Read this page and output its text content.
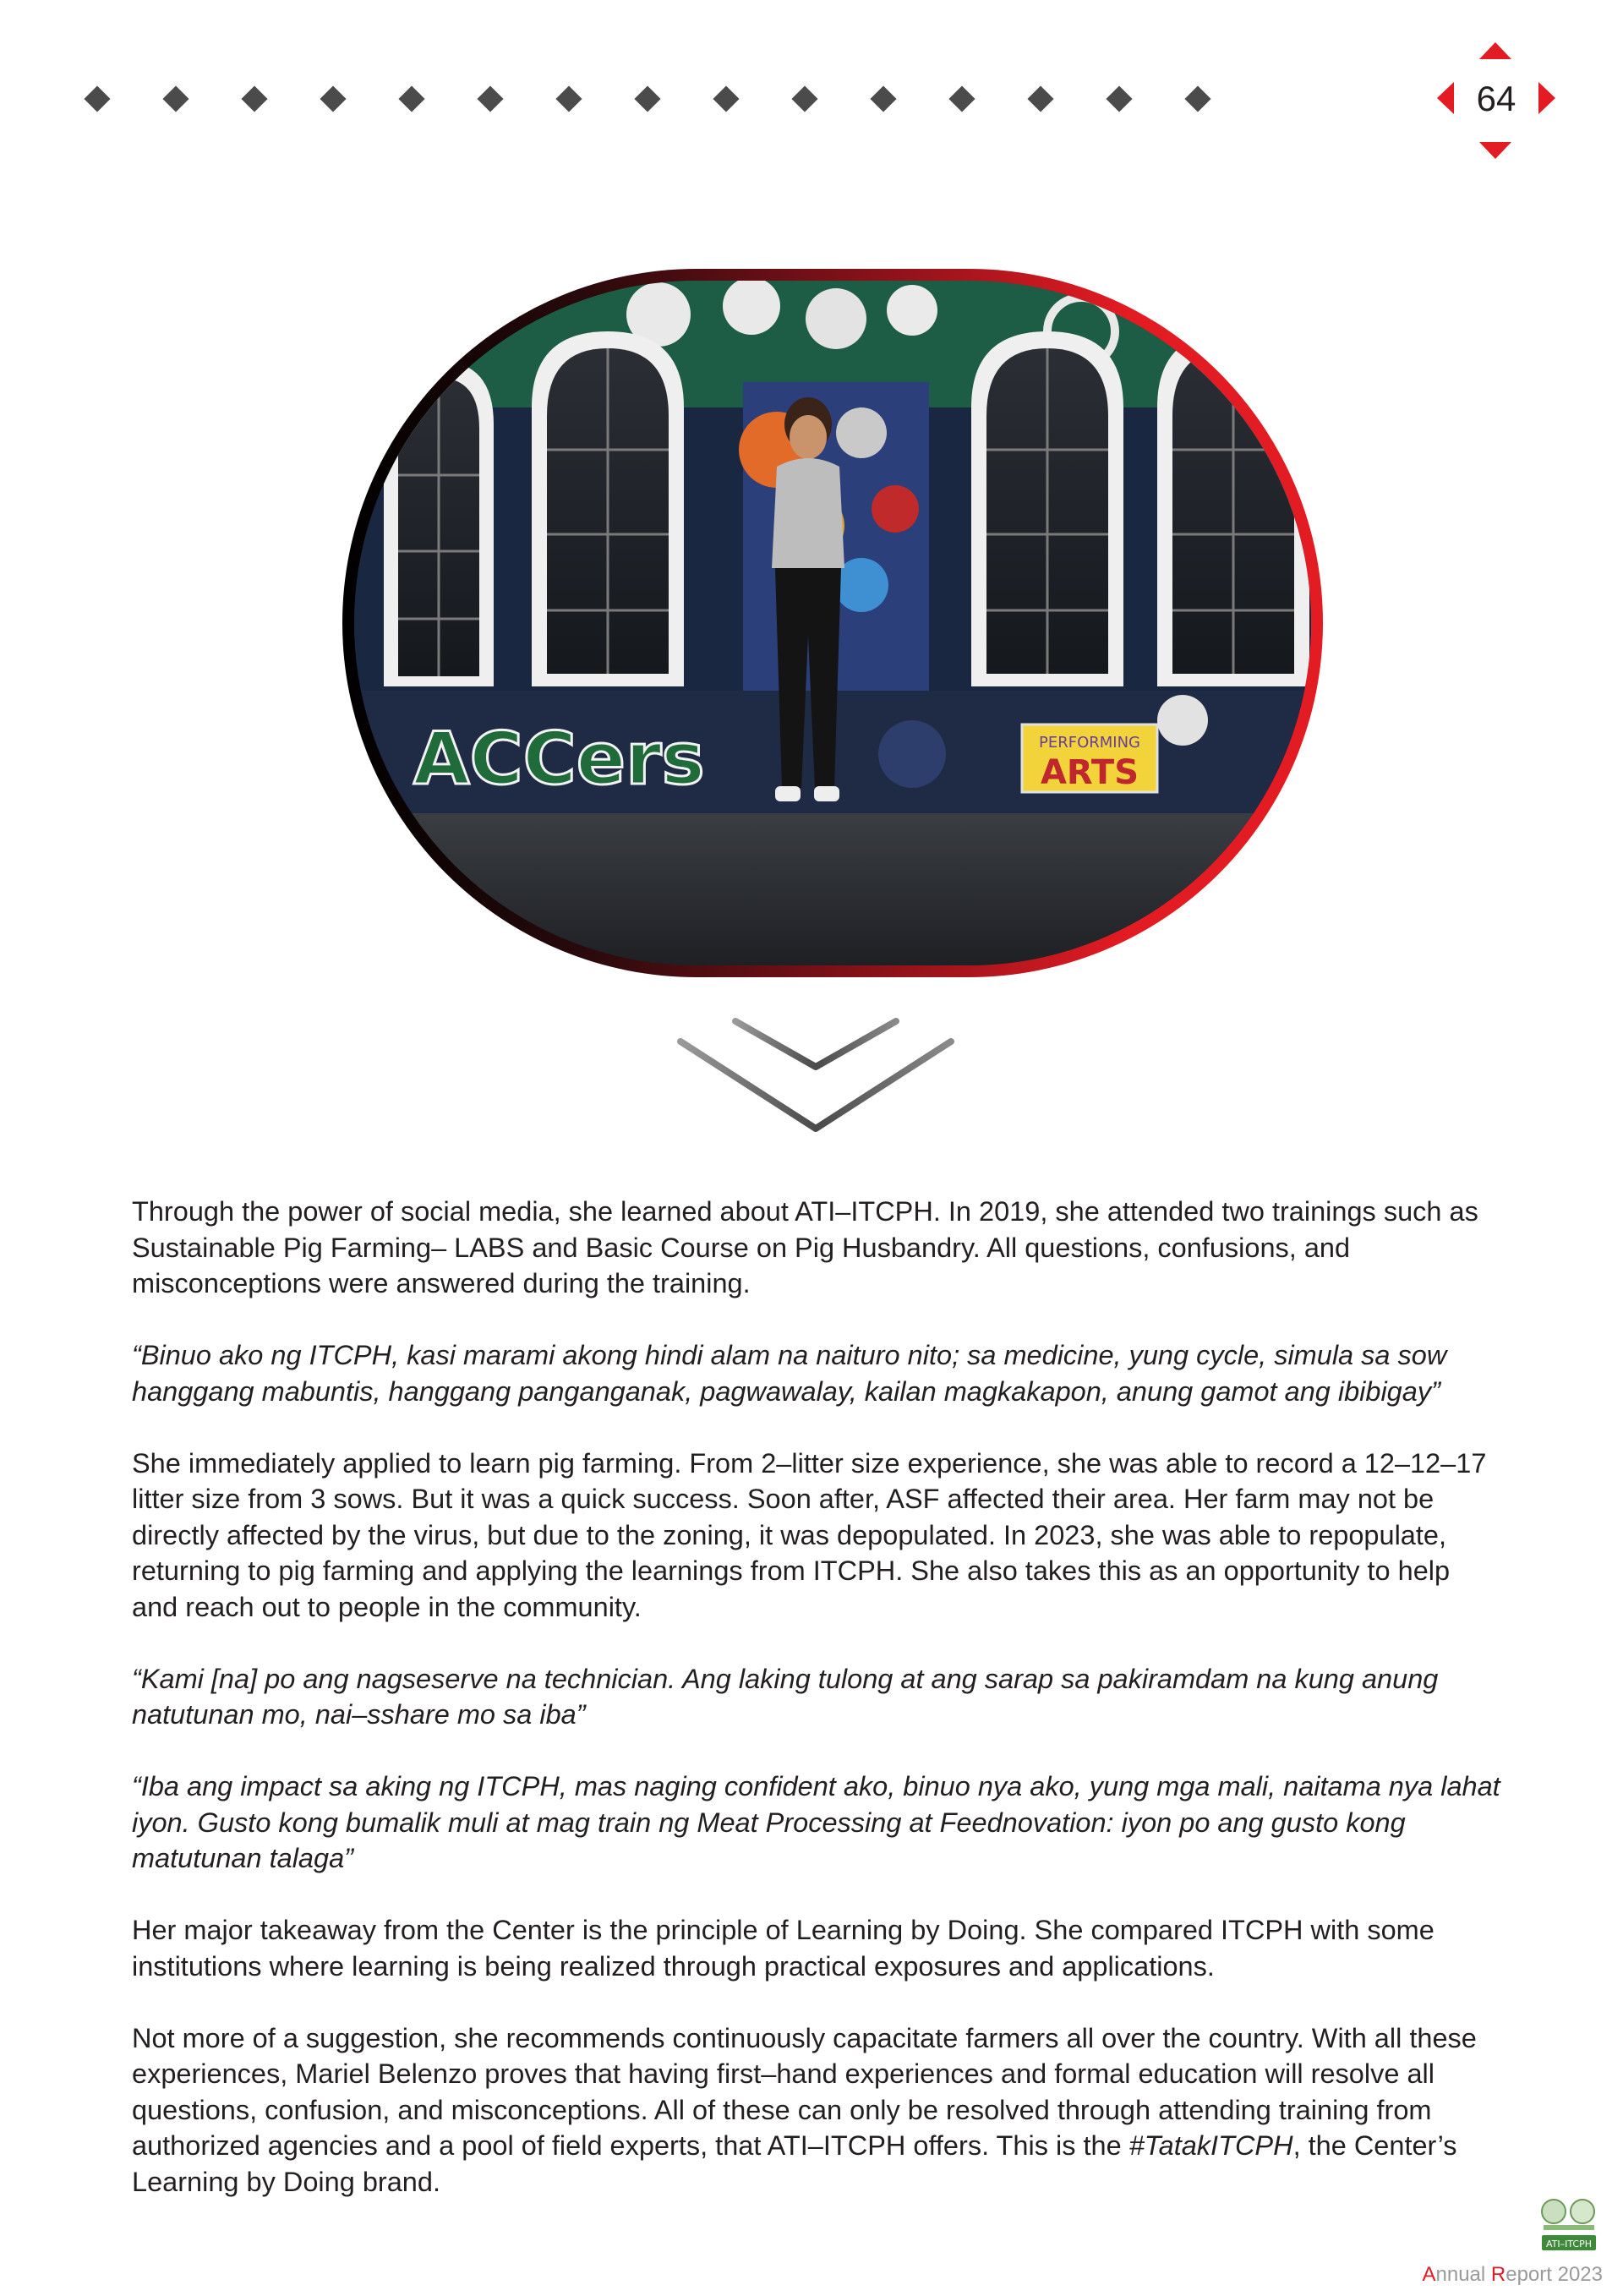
64
ACCers	PERFORMING
ARTS

Through the power of social media, she learned about ATI–ITCPH. In 2019, she attended two trainings such as Sustainable Pig Farming– LABS and Basic Course on Pig Husbandry. All questions, confusions, and misconceptions were answered during the training.

“Binuo ako ng ITCPH, kasi marami akong hindi alam na naituro nito; sa medicine, yung cycle, simula sa sow hanggang mabuntis, hanggang panganganak, pagwawalay, kailan magkakapon, anung gamot ang ibibigay”

She immediately applied to learn pig farming. From 2–litter size experience, she was able to record a 12–12–17 litter size from 3 sows. But it was a quick success. Soon after, ASF affected their area. Her farm may not be directly affected by the virus, but due to the zoning, it was depopulated. In 2023, she was able to repopulate, returning to pig farming and applying the learnings from ITCPH. She also takes this as an opportunity to help and reach out to people in the community.

“Kami [na] po ang nagseserve na technician. Ang laking tulong at ang sarap sa pakiramdam na kung anung natutunan mo, nai–sshare mo sa iba”

“Iba ang impact sa aking ng ITCPH, mas naging confident ako, binuo nya ako, yung mga mali, naitama nya lahat iyon. Gusto kong bumalik muli at mag train ng Meat Processing at Feednovation: iyon po ang gusto kong matutunan talaga”

Her major takeaway from the Center is the principle of Learning by Doing. She compared ITCPH with some institutions where learning is being realized through practical exposures and applications.

Not more of a suggestion, she recommends continuously capacitate farmers all over the country. With all these experiences, Mariel Belenzo proves that having first–hand experiences and formal education will resolve all questions, confusion, and misconceptions. All of these can only be resolved through attending training from authorized agencies and a pool of field experts, that ATI–ITCPH offers. This is the #TatakITCPH, the Center’s Learning by Doing brand.

ATI–ITCPH
Annual Report 2023
